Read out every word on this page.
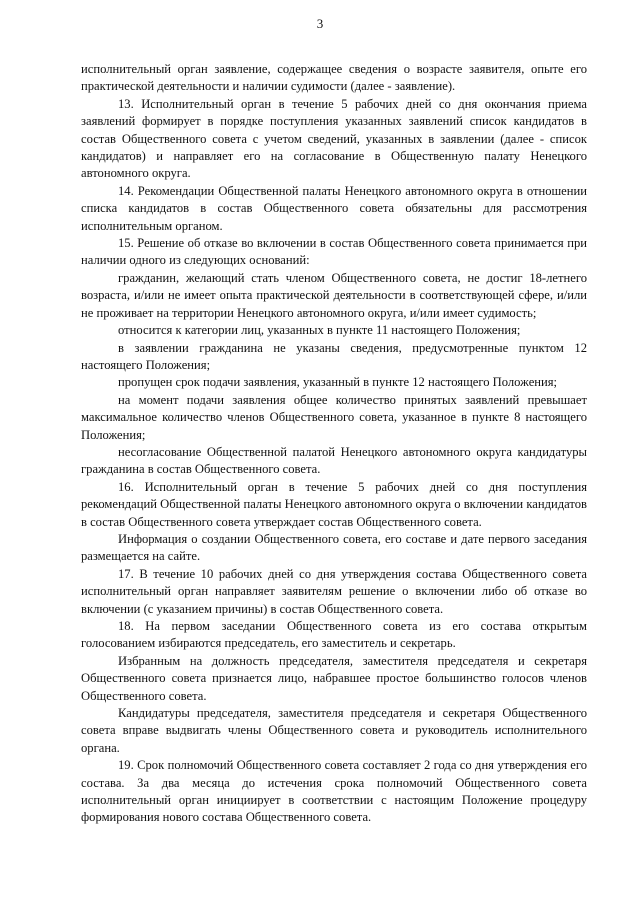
3

исполнительный орган заявление, содержащее сведения о возрасте заявителя, опыте его практической деятельности и наличии судимости (далее - заявление).

13. Исполнительный орган в течение 5 рабочих дней со дня окончания приема заявлений формирует в порядке поступления указанных заявлений список кандидатов в состав Общественного совета с учетом сведений, указанных в заявлении (далее - список кандидатов) и направляет его на согласование в Общественную палату Ненецкого автономного округа.

14. Рекомендации Общественной палаты Ненецкого автономного округа в отношении списка кандидатов в состав Общественного совета обязательны для рассмотрения исполнительным органом.

15. Решение об отказе во включении в состав Общественного совета принимается при наличии одного из следующих оснований:

гражданин, желающий стать членом Общественного совета, не достиг 18-летнего возраста, и/или не имеет опыта практической деятельности в соответствующей сфере, и/или не проживает на территории Ненецкого автономного округа, и/или имеет судимость;

относится к категории лиц, указанных в пункте 11 настоящего Положения;

в заявлении гражданина не указаны сведения, предусмотренные пунктом 12 настоящего Положения;

пропущен срок подачи заявления, указанный в пункте 12 настоящего Положения;

на момент подачи заявления общее количество принятых заявлений превышает максимальное количество членов Общественного совета, указанное в пункте 8 настоящего Положения;

несогласование Общественной палатой Ненецкого автономного округа кандидатуры гражданина в состав Общественного совета.

16. Исполнительный орган в течение 5 рабочих дней со дня поступления рекомендаций Общественной палаты Ненецкого автономного округа о включении кандидатов в состав Общественного совета утверждает состав Общественного совета.

Информация о создании Общественного совета, его составе и дате первого заседания размещается на сайте.

17. В течение 10 рабочих дней со дня утверждения состава Общественного совета исполнительный орган направляет заявителям решение о включении либо об отказе во включении (с указанием причины) в состав Общественного совета.

18. На первом заседании Общественного совета из его состава открытым голосованием избираются председатель, его заместитель и секретарь.

Избранным на должность председателя, заместителя председателя и секретаря Общественного совета признается лицо, набравшее простое большинство голосов членов Общественного совета.

Кандидатуры председателя, заместителя председателя и секретаря Общественного совета вправе выдвигать члены Общественного совета и руководитель исполнительного органа.

19. Срок полномочий Общественного совета составляет 2 года со дня утверждения его состава. За два месяца до истечения срока полномочий Общественного совета исполнительный орган инициирует в соответствии с настоящим Положение процедуру формирования нового состава Общественного совета.
